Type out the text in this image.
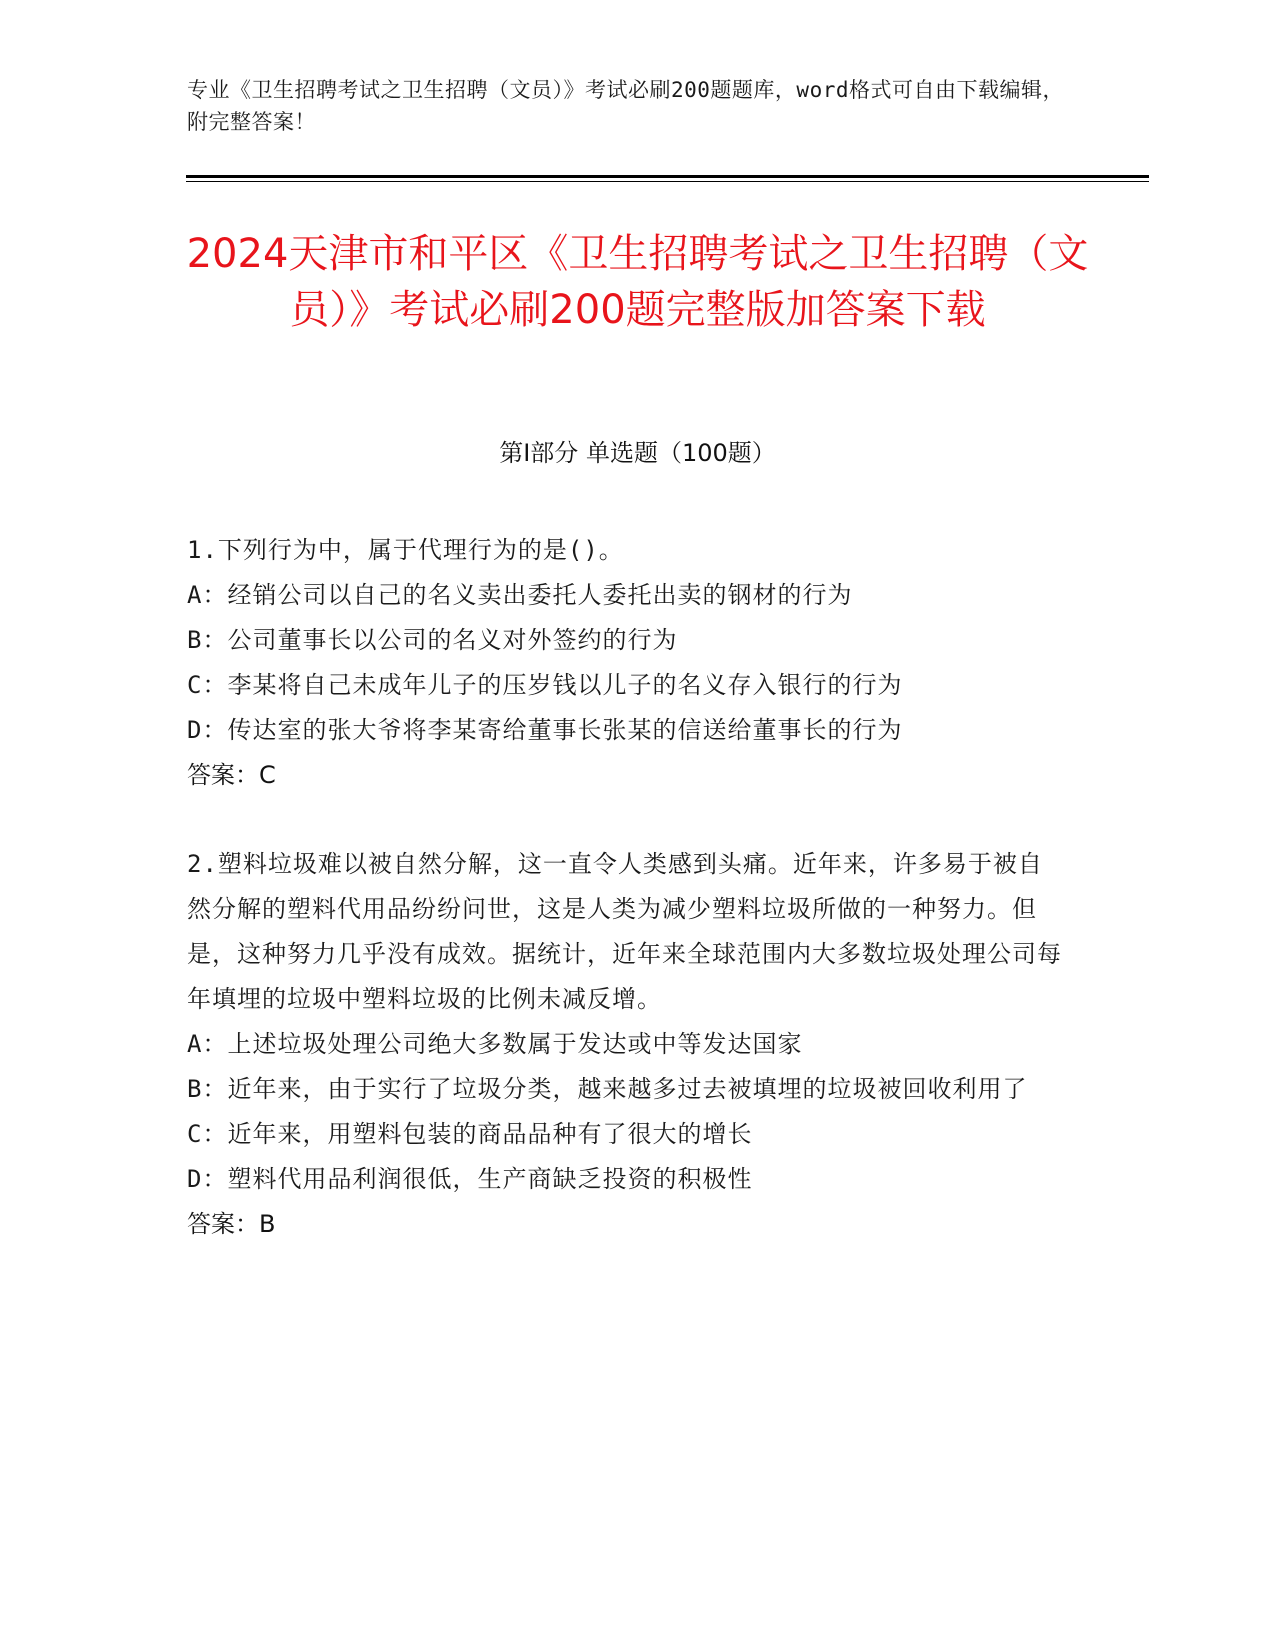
专业《卫生招聘考试之卫生招聘（文员）》考试必刷200题题库，word格式可自由下载编辑，附完整答案！
2024天津市和平区《卫生招聘考试之卫生招聘（文员）》考试必刷200题完整版加答案下载
第I部分 单选题（100题）

1.下列行为中，属于代理行为的是()。

A：经销公司以自己的名义卖出委托人委托出卖的钢材的行为

B：公司董事长以公司的名义对外签约的行为

C：李某将自己未成年儿子的压岁钱以儿子的名义存入银行的行为

D：传达室的张大爷将李某寄给董事长张某的信送给董事长的行为

答案：C

2.塑料垃圾难以被自然分解，这一直令人类感到头痛。近年来，许多易于被自然分解的塑料代用品纷纷问世，这是人类为减少塑料垃圾所做的一种努力。但是，这种努力几乎没有成效。据统计，近年来全球范围内大多数垃圾处理公司每年填埋的垃圾中塑料垃圾的比例未减反增。

A：上述垃圾处理公司绝大多数属于发达或中等发达国家

B：近年来，由于实行了垃圾分类，越来越多过去被填埋的垃圾被回收利用了

C：近年来，用塑料包装的商品品种有了很大的增长

D：塑料代用品利润很低，生产商缺乏投资的积极性

答案：B
